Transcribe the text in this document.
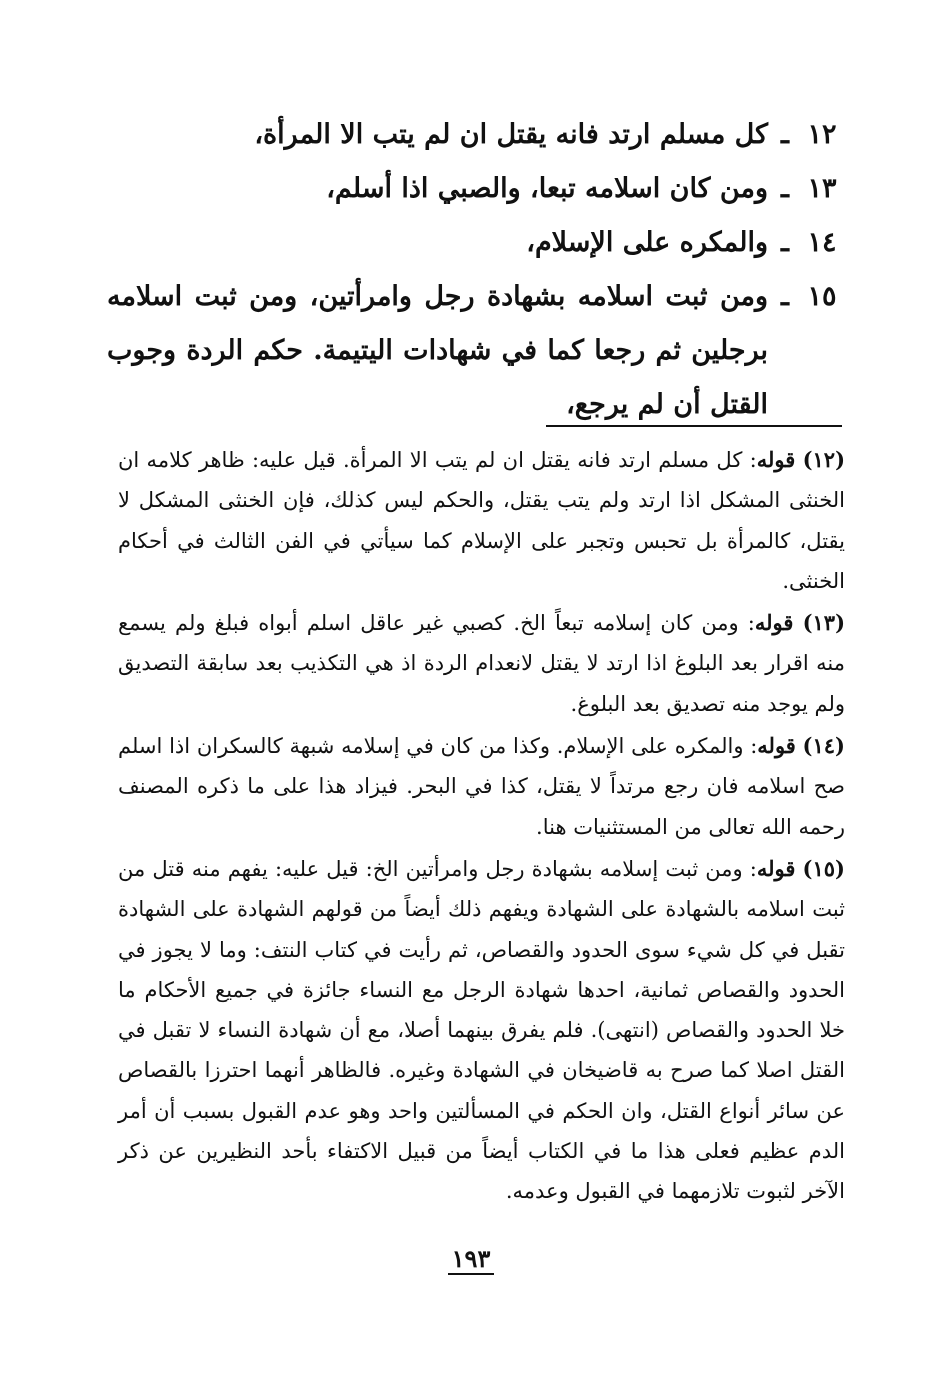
١٢
ـ
كل مسلم ارتد فانه يقتل ان لم يتب الا المرأة،
١٣
ـ
ومن كان اسلامه تبعا، والصبي اذا أسلم،
١٤
ـ
والمكره على الإسلام،
١٥
ـ
ومن ثبت اسلامه بشهادة رجل وامرأتين، ومن ثبت اسلامه برجلين ثم رجعا كما في شهادات اليتيمة. حكم الردة وجوب القتل أن لم يرجع،

(١٢) قوله: كل مسلم ارتد فانه يقتل ان لم يتب الا المرأة. قيل عليه: ظاهر كلامه ان الخنثى المشكل اذا ارتد ولم يتب يقتل، والحكم ليس كذلك، فإن الخنثى المشكل لا يقتل، كالمرأة بل تحبس وتجبر على الإسلام كما سيأتي في الفن الثالث في أحكام الخنثى.

(١٣) قوله: ومن كان إسلامه تبعاً الخ. كصبي غير عاقل اسلم أبواه فبلغ ولم يسمع منه اقرار بعد البلوغ اذا ارتد لا يقتل لانعدام الردة اذ هي التكذيب بعد سابقة التصديق ولم يوجد منه تصديق بعد البلوغ.

(١٤) قوله: والمكره على الإسلام. وكذا من كان في إسلامه شبهة كالسكران اذا اسلم صح اسلامه فان رجع مرتداً لا يقتل، كذا في البحر. فيزاد هذا على ما ذكره المصنف رحمه الله تعالى من المستثنيات هنا.

(١٥) قوله: ومن ثبت إسلامه بشهادة رجل وامرأتين الخ: قيل عليه: يفهم منه قتل من ثبت اسلامه بالشهادة على الشهادة ويفهم ذلك أيضاً من قولهم الشهادة على الشهادة تقبل في كل شيء سوى الحدود والقصاص، ثم رأيت في كتاب النتف: وما لا يجوز في الحدود والقصاص ثمانية، احدها شهادة الرجل مع النساء جائزة في جميع الأحكام ما خلا الحدود والقصاص (انتهى). فلم يفرق بينهما أصلا، مع أن شهادة النساء لا تقبل في القتل اصلا كما صرح به قاضيخان في الشهادة وغيره. فالظاهر أنهما احترزا بالقصاص عن سائر أنواع القتل، وان الحكم في المسألتين واحد وهو عدم القبول بسبب أن أمر الدم عظيم فعلى هذا ما في الكتاب أيضاً من قبيل الاكتفاء بأحد النظيرين عن ذكر الآخر لثبوت تلازمهما في القبول وعدمه.

١٩٣
